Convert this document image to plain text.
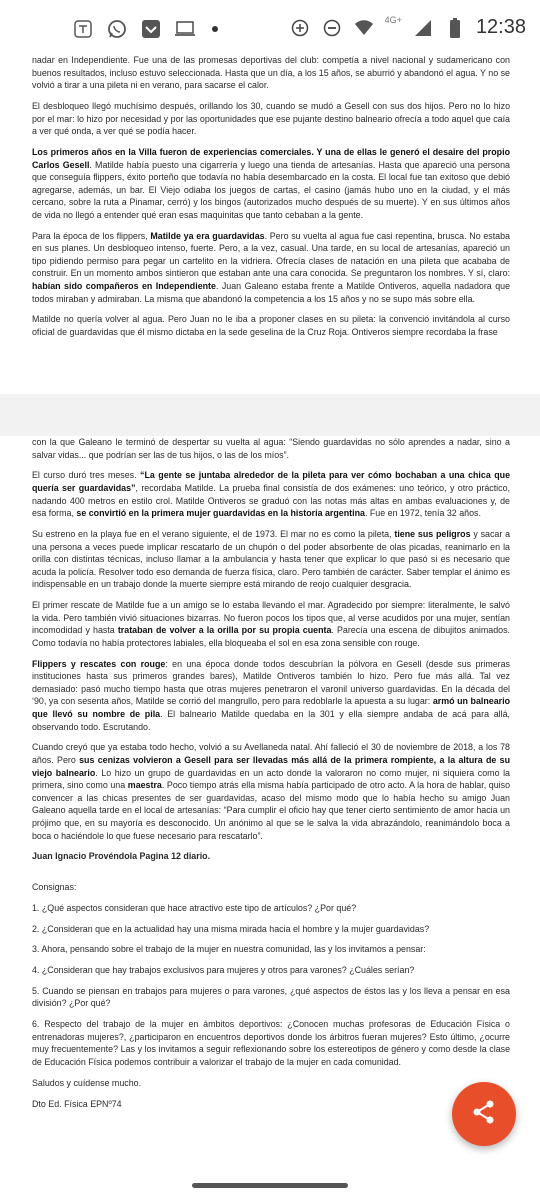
4G+	12:38

nadar en Independiente. Fue una de las promesas deportivas del club: competía a nivel nacional y sudamericano con buenos resultados, incluso estuvo seleccionada. Hasta que un día, a los 15 años, se aburrió y abandonó el agua. Y no se volvió a tirar a una pileta ni en verano, para sacarse el calor.

El desbloqueo llegó muchísimo después, orillando los 30, cuando se mudó a Gesell con sus dos hijos. Pero no lo hizo por el mar: lo hizo por necesidad y por las oportunidades que ese pujante destino balneario ofrecía a todo aquel que caía a ver qué onda, a ver qué se podía hacer.

Los primeros años en la Villa fueron de experiencias comerciales. Y una de ellas le generó el desaire del propio Carlos Gesell. Matilde había puesto una cigarrería y luego una tienda de artesanías. Hasta que apareció una persona que conseguía flippers, éxito porteño que todavía no había desembarcado en la costa. El local fue tan exitoso que debió agregarse, además, un bar. El Viejo odiaba los juegos de cartas, el casino (jamás hubo uno en la ciudad, y el más cercano, sobre la ruta a Pinamar, cerró) y los bingos (autorizados mucho después de su muerte). Y en sus últimos años de vida no llegó a entender qué eran esas maquinitas que tanto cebaban a la gente.

Para la época de los flippers, Matilde ya era guardavidas. Pero su vuelta al agua fue casi repentina, brusca. No estaba en sus planes. Un desbloqueo intenso, fuerte. Pero, a la vez, casual. Una tarde, en su local de artesanías, apareció un tipo pidiendo permiso para pegar un cartelito en la vidriera. Ofrecía clases de natación en una pileta que acababa de construir. En un momento ambos sintieron que estaban ante una cara conocida. Se preguntaron los nombres. Y sí, claro: habían sido compañeros en Independiente. Juan Galeano estaba frente a Matilde Ontiveros, aquella nadadora que todos miraban y admiraban. La misma que abandonó la competencia a los 15 años y no se supo más sobre ella.

Matilde no quería volver al agua. Pero Juan no le iba a proponer clases en su pileta: la convenció invitándola al curso oficial de guardavidas que él mismo dictaba en la sede geselina de la Cruz Roja. Ontiveros siempre recordaba la frase

con la que Galeano le terminó de despertar su vuelta al agua: “Siendo guardavidas no sólo aprendes a nadar, sino a salvar vidas... que podrían ser las de tus hijos, o las de los míos”.

El curso duró tres meses. “La gente se juntaba alrededor de la pileta para ver cómo bochaban a una chica que quería ser guardavidas”, recordaba Matilde. La prueba final consistía de dos exámenes: uno teórico, y otro práctico, nadando 400 metros en estilo crol. Matilde Ontiveros se graduó con las notas más altas en ambas evaluaciones y, de esa forma, se convirtió en la primera mujer guardavidas en la historia argentina. Fue en 1972, tenía 32 años.

Su estreno en la playa fue en el verano siguiente, el de 1973. El mar no es como la pileta, tiene sus peligros y sacar a una persona a veces puede implicar rescatarlo de un chupón o del poder absorbente de olas picadas, reanimarlo en la orilla con distintas técnicas, incluso llamar a la ambulancia y hasta tener que explicar lo que pasó si es necesario que acuda la policía. Resolver todo eso demanda de fuerza física, claro. Pero también de carácter. Saber templar el ánimo es indispensable en un trabajo donde la muerte siempre está mirando de reojo cualquier desgracia.

El primer rescate de Matilde fue a un amigo se lo estaba llevando el mar. Agradecido por siempre: literalmente, le salvó la vida. Pero también vivió situaciones bizarras. No fueron pocos los tipos que, al verse acudidos por una mujer, sentían incomodidad y hasta trataban de volver a la orilla por su propia cuenta. Parecía una escena de dibujitos animados. Como todavía no había protectores labiales, ella bloqueaba el sol en esa zona sensible con rouge.

Flippers y rescates con rouge: en una época donde todos descubrían la pólvora en Gesell (desde sus primeras instituciones hasta sus primeros grandes bares), Matilde Ontiveros también lo hizo. Pero fue más allá. Tal vez demasiado: pasó mucho tiempo hasta que otras mujeres penetraron el varonil universo guardavidas. En la década del ‘90, ya con sesenta años, Matilde se corrió del mangrullo, pero para redoblarle la apuesta a su lugar: armó un balneario que llevó su nombre de pila. El balneario Matilde quedaba en la 301 y ella siempre andaba de acá para allá, observando todo. Escrutando.

Cuando creyó que ya estaba todo hecho, volvió a su Avellaneda natal. Ahí falleció el 30 de noviembre de 2018, a los 78 años. Pero sus cenizas volvieron a Gesell para ser llevadas más allá de la primera rompiente, a la altura de su viejo balneario. Lo hizo un grupo de guardavidas en un acto donde la valoraron no como mujer, ni siquiera como la primera, sino como una maestra. Poco tiempo atrás ella misma había participado de otro acto. A la hora de hablar, quiso convencer a las chicas presentes de ser guardavidas, acaso del mismo modo que lo había hecho su amigo Juan Galeano aquella tarde en el local de artesanías: “Para cumplir el oficio hay que tener cierto sentimiento de amor hacia un prójimo que, en su mayoría es desconocido. Un anónimo al que se le salva la vida abrazándolo, reanimándolo boca a boca o haciéndole lo que fuese necesario para rescatarlo”.

Juan Ignacio Provéndola Pagina 12 diario.

Consignas:

1. ¿Qué aspectos consideran que hace atractivo este tipo de artículos? ¿Por qué?

2. ¿Consideran que en la actualidad hay una misma mirada hacia el hombre y la mujer guardavidas?

3. Ahora, pensando sobre el trabajo de la mujer en nuestra comunidad, las y los invitamos a pensar:

4. ¿Consideran que hay trabajos exclusivos para mujeres y otros para varones? ¿Cuáles serían?

5. Cuando se piensan en trabajos para mujeres o para varones, ¿qué aspectos de éstos las y los lleva a pensar en esa división? ¿Por qué?

6. Respecto del trabajo de la mujer en ámbitos deportivos: ¿Conocen muchas profesoras de Educación Física o entrenadoras mujeres?, ¿participaron en encuentros deportivos donde los árbitros fueran mujeres? Esto último, ¿ocurre muy frecuentemente? Las y los invitamos a seguir reflexionando sobre los estereotipos de género y como desde la clase de Educación Física podemos contribuir a valorizar el trabajo de la mujer en cada comunidad.

Saludos y cuídense mucho.

Dto Ed. Física EPNº74
